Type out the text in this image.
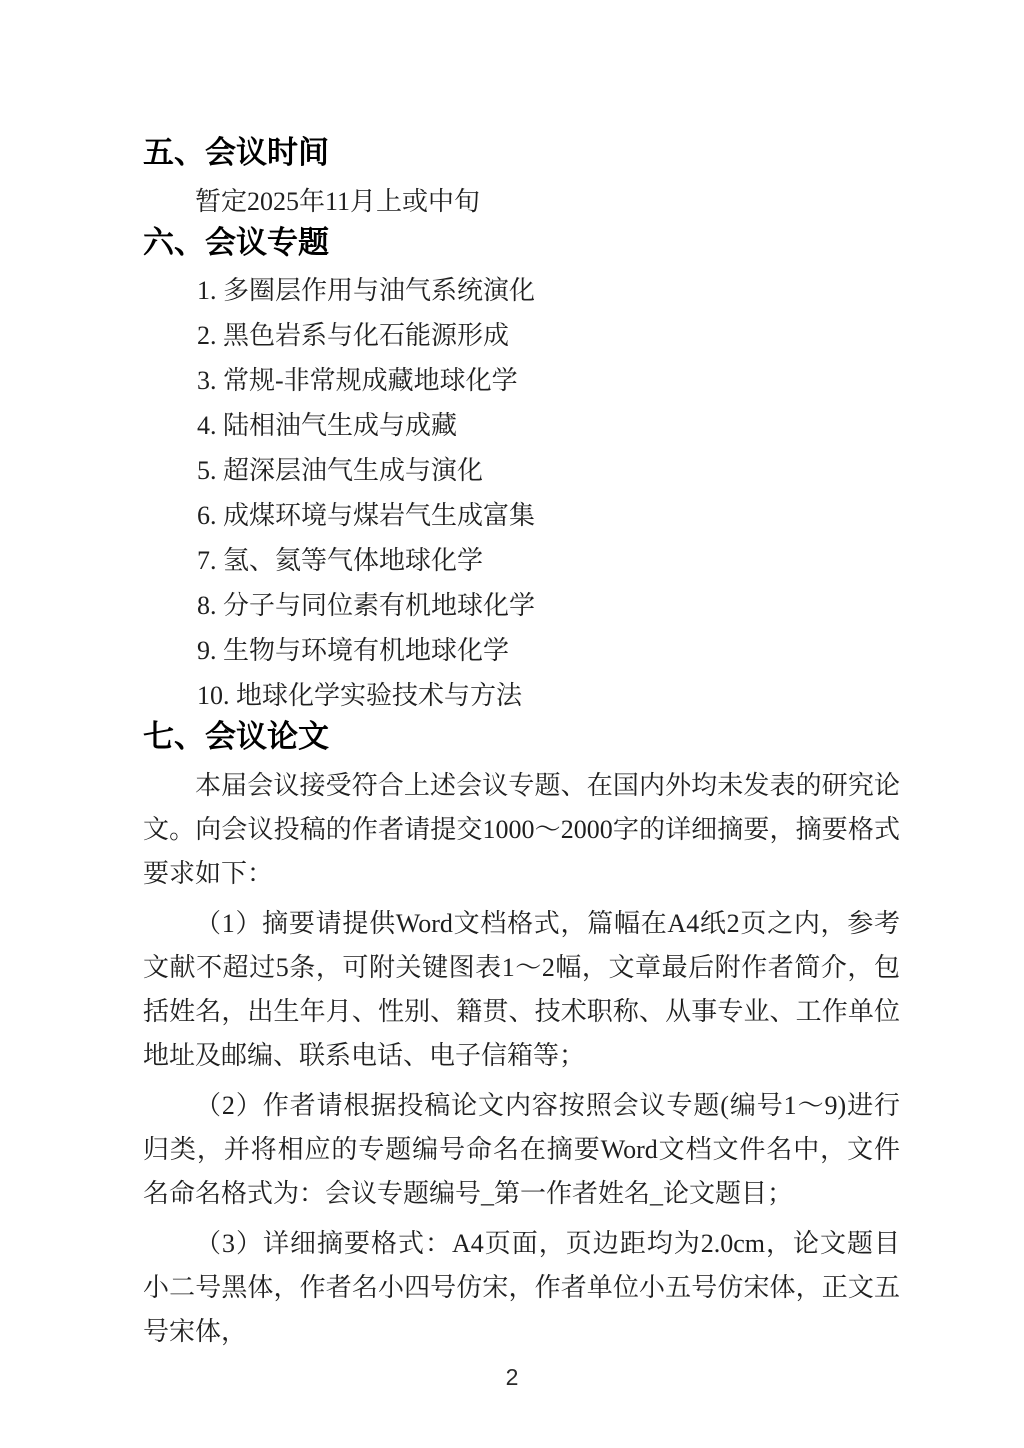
五、会议时间

暂定2025年11月上或中旬

六、会议专题
1. 多圈层作用与油气系统演化
2. 黑色岩系与化石能源形成
3. 常规-非常规成藏地球化学
4. 陆相油气生成与成藏
5. 超深层油气生成与演化
6. 成煤环境与煤岩气生成富集
7. 氢、氦等气体地球化学
8. 分子与同位素有机地球化学
9. 生物与环境有机地球化学
10. 地球化学实验技术与方法
七、会议论文

本届会议接受符合上述会议专题、在国内外均未发表的研究论文。向会议投稿的作者请提交1000～2000字的详细摘要，摘要格式要求如下：

（1）摘要请提供Word文档格式，篇幅在A4纸2页之内，参考文献不超过5条，可附关键图表1～2幅，文章最后附作者简介，包括姓名，出生年月、性别、籍贯、技术职称、从事专业、工作单位地址及邮编、联系电话、电子信箱等；

（2）作者请根据投稿论文内容按照会议专题(编号1～9)进行归类，并将相应的专题编号命名在摘要Word文档文件名中，文件名命名格式为：会议专题编号_第一作者姓名_论文题目；

（3）详细摘要格式：A4页面，页边距均为2.0cm，论文题目小二号黑体，作者名小四号仿宋，作者单位小五号仿宋体，正文五号宋体，

2
